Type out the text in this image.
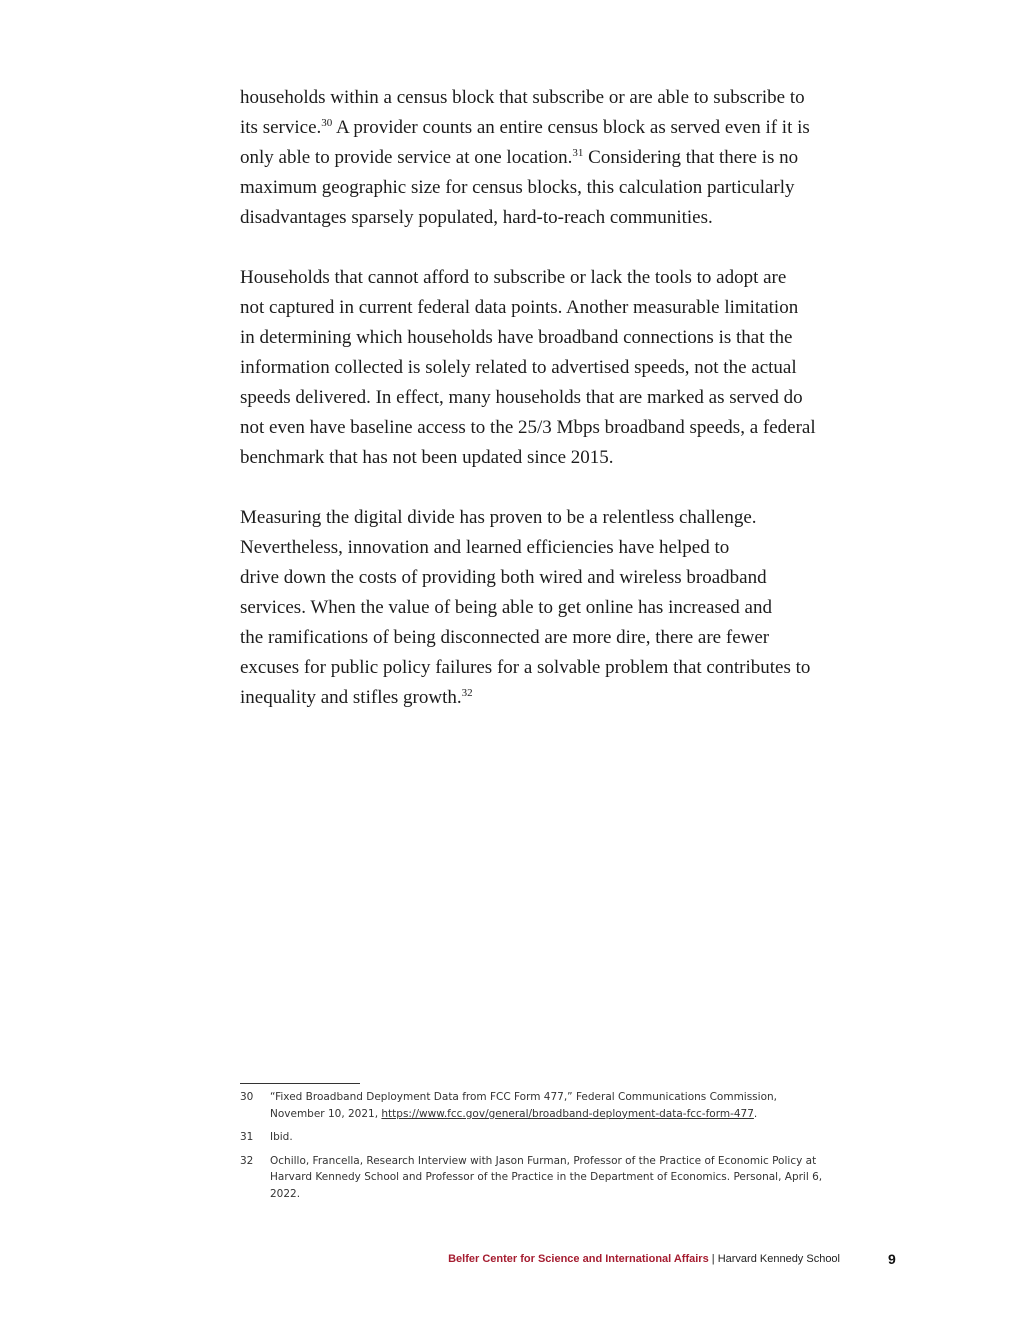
households within a census block that subscribe or are able to subscribe to
its service.$^{30}$ A provider counts an entire census block as served even if it is
only able to provide service at one location.$^{31}$ Considering that there is no
maximum geographic size for census blocks, this calculation particularly
disadvantages sparsely populated, hard-to-reach communities.

Households that cannot afford to subscribe or lack the tools to adopt are
not captured in current federal data points. Another measurable limitation
in determining which households have broadband connections is that the
information collected is solely related to advertised speeds, not the actual
speeds delivered. In effect, many households that are marked as served do
not even have baseline access to the 25/3 Mbps broadband speeds, a federal
benchmark that has not been updated since 2015.

Measuring the digital divide has proven to be a relentless challenge.
Nevertheless, innovation and learned efficiencies have helped to
drive down the costs of providing both wired and wireless broadband
services. When the value of being able to get online has increased and
the ramifications of being disconnected are more dire, there are fewer
excuses for public policy failures for a solvable problem that contributes to
inequality and stifles growth.$^{32}$

30	“Fixed Broadband Deployment Data from FCC Form 477,” Federal Communications Commission,
November 10, 2021, https://www.fcc.gov/general/broadband-deployment-data-fcc-form-477.
31	Ibid.
32	Ochillo, Francella, Research Interview with Jason Furman, Professor of the Practice of Economic Policy at
Harvard Kennedy School and Professor of the Practice in the Department of Economics. Personal, April 6,
2022.
Belfer Center for Science and International Affairs | Harvard Kennedy School	9
